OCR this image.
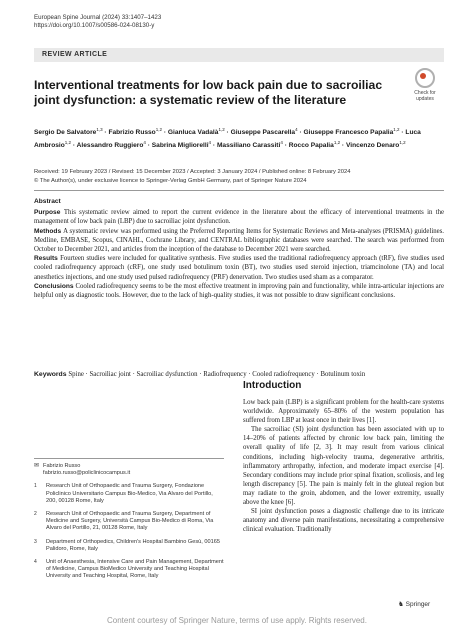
European Spine Journal (2024) 33:1407–1423
https://doi.org/10.1007/s00586-024-08130-y
REVIEW ARTICLE
Check for updates
Interventional treatments for low back pain due to sacroiliac joint dysfunction: a systematic review of the literature
Sergio De Salvatore$^{1,3}$ · Fabrizio Russo$^{1,2}$ · Gianluca Vadalà$^{1,2}$ · Giuseppe Pascarella$^4$ · Giuseppe Francesco Papalia$^{1,2}$ · Luca Ambrosio$^{1,2}$ · Alessandro Ruggiero$^4$ · Sabrina Migliorelli$^4$ · Massiliano Carassiti$^4$ · Rocco Papalia$^{1,2}$ · Vincenzo Denaro$^{1,2}$
Received: 19 February 2023 / Revised: 15 December 2023 / Accepted: 3 January 2024 / Published online: 8 February 2024
© The Author(s), under exclusive licence to Springer-Verlag GmbH Germany, part of Springer Nature 2024
Abstract

Purpose This systematic review aimed to report the current evidence in the literature about the efficacy of interventional treatments in the management of low back pain (LBP) due to sacroiliac joint dysfunction.

Methods A systematic review was performed using the Preferred Reporting Items for Systematic Reviews and Meta-analyses (PRISMA) guidelines. Medline, EMBASE, Scopus, CINAHL, Cochrane Library, and CENTRAL bibliographic databases were searched. The search was performed from October to December 2021, and articles from the inception of the database to December 2021 were searched.

Results Fourteen studies were included for qualitative synthesis. Five studies used the traditional radiofrequency approach (tRF), five studies used cooled radiofrequency approach (cRF), one study used botulinum toxin (BT), two studies used steroid injection, triamcinolone (TA) and local anesthetics injections, and one study used pulsed radiofrequency (PRF) denervation. Two studies used sham as a comparator.

Conclusions Cooled radiofrequency seems to be the most effective treatment in improving pain and functionality, while intra-articular injections are helpful only as diagnostic tools. However, due to the lack of high-quality studies, it was not possible to draw significant conclusions.

Keywords Spine · Sacroiliac joint · Sacroiliac dysfunction · Radiofrequency · Cooled radiofrequency · Botulinum toxin
Introduction

Low back pain (LBP) is a significant problem for the health-care systems worldwide. Approximately 65–80% of the western population has suffered from LBP at least once in their lives [1].

The sacroiliac (SI) joint dysfunction has been associated with up to 14–20% of patients affected by chronic low back pain, limiting the overall quality of life [2, 3]. It may result from various clinical conditions, including high-velocity trauma, degenerative arthritis, inflammatory arthropathy, infection, and moderate impact exercise [4]. Secondary conditions may include prior spinal fixation, scoliosis, and leg length discrepancy [5]. The pain is mainly felt in the gluteal region but may radiate to the groin, abdomen, and the lower extremity, usually above the knee [6].

SI joint dysfunction poses a diagnostic challenge due to its intricate anatomy and diverse pain manifestations, necessitating a comprehensive clinical evaluation. Traditionally

✉ Fabrizio Russo
fabrizio.russo@policlinicocampus.it
1	Research Unit of Orthopaedic and Trauma Surgery, Fondazione Policlinico Universitario Campus Bio-Medico, Via Alvaro del Portillo, 200, 00128 Rome, Italy
2	Research Unit of Orthopaedic and Trauma Surgery, Department of Medicine and Surgery, Università Campus Bio-Medico di Roma, Via Alvaro del Portillo, 21, 00128 Rome, Italy
3	Department of Orthopedics, Children's Hospital Bambino Gesù, 00165 Palidoro, Rome, Italy
4	Unit of Anaesthesia, Intensive Care and Pain Management, Department of Medicine, Campus BioMedico University and Teaching Hospital University and Teaching Hospital, Rome, Italy
♞ Springer
Content courtesy of Springer Nature, terms of use apply. Rights reserved.
